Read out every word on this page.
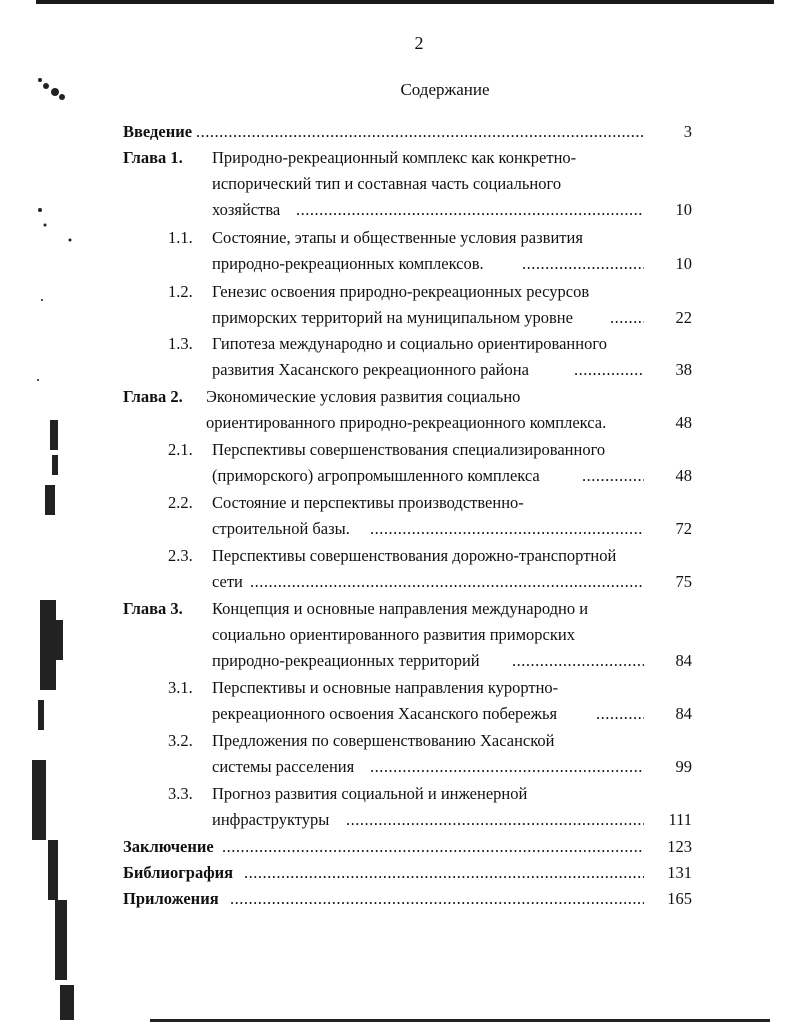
2
Содержание
Введение .....	3
Глава 1. Природно-рекреационный комплекс как конкретно-
испорический тип и составная часть социального
хозяйства .....	10
1.1. Состояние, этапы и общественные условия развития
природно-рекреационных комплексов. .....	10
1.2. Генезис освоения природно-рекреационных ресурсов
приморских территорий на муниципальном уровне .....	22
1.3. Гипотеза международно и социально ориентированного
развития Хасанского рекреационного района .....	38
Глава 2. Экономические условия развития социально
ориентированного природно-рекреационного комплекса.	48
2.1. Перспективы совершенствования специализированного
(приморского) агропромышленного комплекса .....	48
2.2. Состояние и перспективы производственно-
строительной базы. .....	72
2.3. Перспективы совершенствования дорожно-транспортной
сети .....	75
Глава 3. Концепция и основные направления международно и
социально ориентированного развития приморских
природно-рекреационных территорий .....	84
3.1. Перспективы и основные направления курортно-
рекреационного освоения Хасанского побережья .....	84
3.2. Предложения по совершенствованию Хасанской
системы расселения .....	99
3.3. Прогноз развития социальной и инженерной
инфраструктуры .....	111
Заключение .....	123
Библиография .....	131
Приложения .....	165
